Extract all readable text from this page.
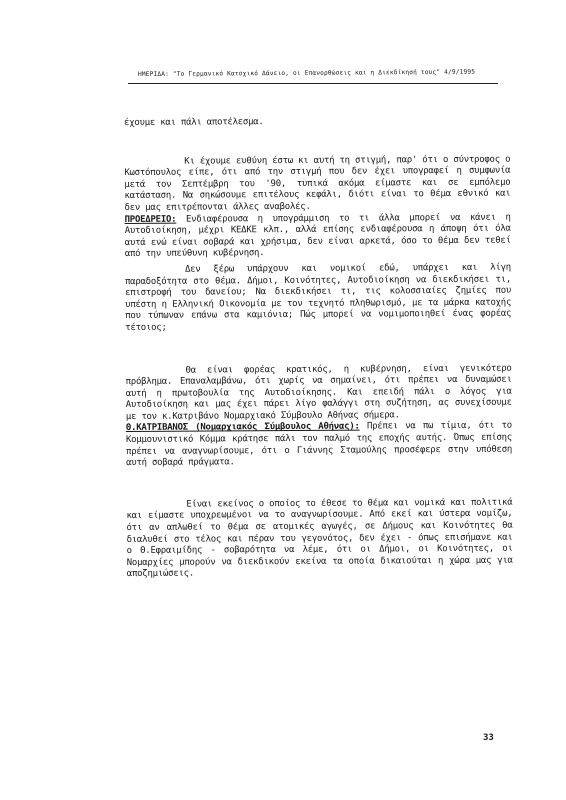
ΗΜΕΡΙΔΑ: "Το Γερμανικό Κατοχικό Δάνειο, οι Επανορθώσεις και η Διεκδίκησή τους" 4/9/1995

έχουμε και πάλι αποτέλεσμα.

Κι έχουμε ευθύνη έστω κι αυτή τη στιγμή, παρ' ότι ο σύντροφος ο Κωστόπουλος είπε, ότι από την στιγμή που δεν έχει υπογραφεί η συμφωνία μετά τον Σεπτέμβρη του '90, τυπικά ακόμα είμαστε και σε εμπόλεμο κατάσταση. Να σηκώσουμε επιτέλους κεφάλι, διότι είναι το θέμα εθνικό και δεν μας επιτρέπονται άλλες αναβολές.

ΠΡΟΕΔΡΕΙΟ: Ενδιαφέρουσα η υπογράμμιση το τι άλλα μπορεί να κάνει η Αυτοδιοίκηση, μέχρι ΚΕΔΚΕ κλπ., αλλά επίσης ενδιαφέρουσα η άποψη ότι όλα αυτά ενώ είναι σοβαρά και χρήσιμα, δεν είναι αρκετά, όσο το θέμα δεν τεθεί από την υπεύθυνη κυβέρνηση.

Δεν ξέρω υπάρχουν και νομικοί εδώ, υπάρχει και λίγη παραδοξότητα στο θέμα. Δήμοι, Κοινότητες, Αυτοδιοίκηση να διεκδικήσει τι, επιστροφή του δανείου; Να διεκδικήσει τι, τις κολοσσιαίες ζημίες που υπέστη η Ελληνική Οικονομία με τον τεχνητό πληθωρισμό, με τα μάρκα κατοχής που τύπωναν επάνω στα καμιόνια; Πώς μπορεί να νομιμοποιηθεί ένας φορέας τέτοιος;

Θα είναι φορέας κρατικός, η κυβέρνηση, είναι γενικότερο πρόβλημα. Επαναλαμβάνω, ότι χωρίς να σημαίνει, ότι πρέπει να δυναμώσει αυτή η πρωτοβουλία της Αυτοδιοίκησης. Και επειδή πάλι ο λόγος για Αυτοδιοίκηση και μας έχει πάρει λίγο φαλάγγι στη συζήτηση, ας συνεχίσουμε με τον κ.Κατριβάνο Νομαρχιακό Σύμβουλο Αθήνας σήμερα.

Θ.ΚΑΤΡΙΒΑΝΟΣ (Νομαρχιακός Σύμβουλος Αθήνας): Πρέπει να πω τίμια, ότι το Κομμουνιστικό Κόμμα κράτησε πάλι τον παλμό της εποχής αυτής. Όπως επίσης πρέπει να αναγνωρίσουμε, ότι ο Γιάννης Σταμούλης προσέφερε στην υπόθεση αυτή σοβαρά πράγματα.

Είναι εκείνος ο οποίος το έθεσε το θέμα και νομικά και πολιτικά και είμαστε υποχρεωμένοι να το αναγνωρίσουμε. Από εκεί και ύστερα νομίζω, ότι αν απλωθεί το θέμα σε ατομικές αγωγές, σε Δήμους και Κοινότητες θα διαλυθεί στο τέλος και πέραν του γεγονότος, δεν έχει - όπως επισήμανε και ο Θ.Εφραιμίδης - σοβαρότητα να λέμε, ότι οι Δήμοι, οι Κοινότητες, οι Νομαρχίες μπορούν να διεκδικούν εκείνα τα οποία δικαιούται η χώρα μας για αποζημιώσεις.

33
